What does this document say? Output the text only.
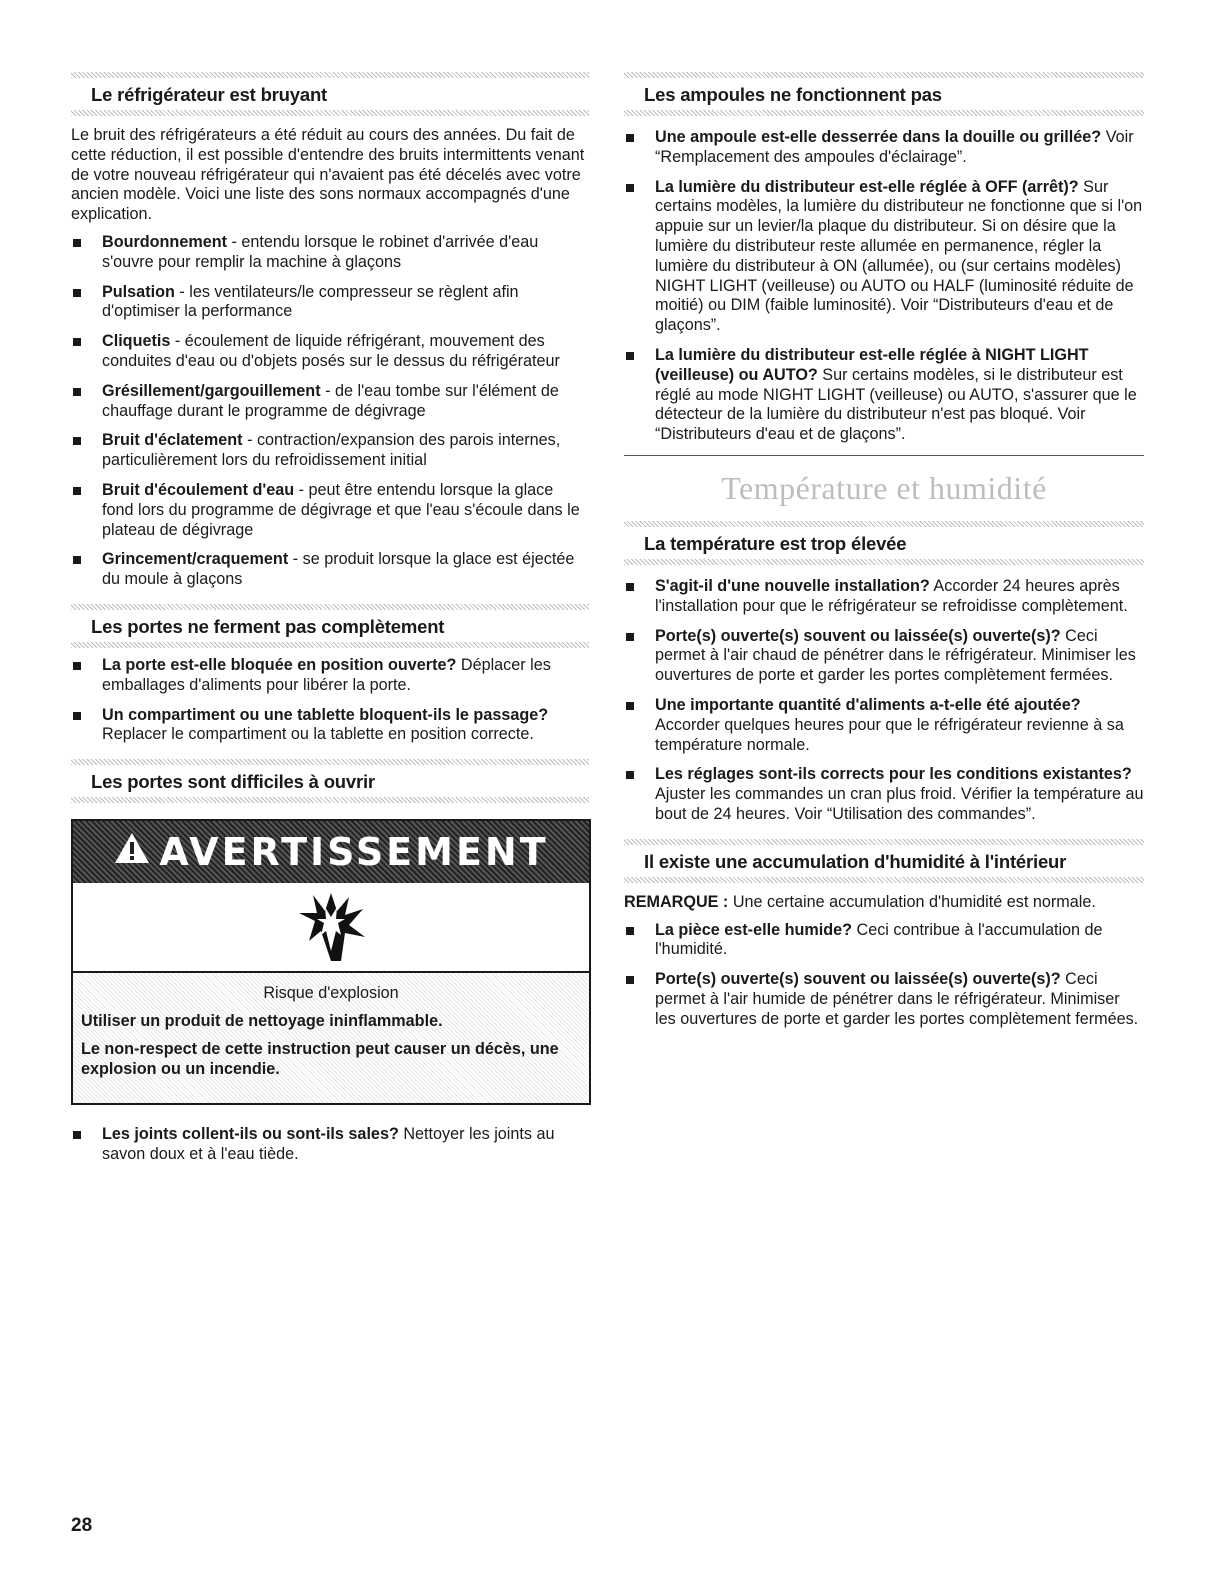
Le réfrigérateur est bruyant

Le bruit des réfrigérateurs a été réduit au cours des années. Du fait de cette réduction, il est possible d'entendre des bruits intermittents venant de votre nouveau réfrigérateur qui n'avaient pas été décelés avec votre ancien modèle. Voici une liste des sons normaux accompagnés d'une explication.

Bourdonnement - entendu lorsque le robinet d'arrivée d'eau s'ouvre pour remplir la machine à glaçons
Pulsation - les ventilateurs/le compresseur se règlent afin d'optimiser la performance
Cliquetis - écoulement de liquide réfrigérant, mouvement des conduites d'eau ou d'objets posés sur le dessus du réfrigérateur
Grésillement/gargouillement - de l'eau tombe sur l'élément de chauffage durant le programme de dégivrage
Bruit d'éclatement - contraction/expansion des parois internes, particulièrement lors du refroidissement initial
Bruit d'écoulement d'eau - peut être entendu lorsque la glace fond lors du programme de dégivrage et que l'eau s'écoule dans le plateau de dégivrage
Grincement/craquement - se produit lorsque la glace est éjectée du moule à glaçons
Les portes ne ferment pas complètement
La porte est-elle bloquée en position ouverte? Déplacer les emballages d'aliments pour libérer la porte.
Un compartiment ou une tablette bloquent-ils le passage? Replacer le compartiment ou la tablette en position correcte.
Les portes sont difficiles à ouvrir
AVERTISSEMENT
Risque d'explosion
Utiliser un produit de nettoyage ininflammable.
Le non-respect de cette instruction peut causer un décès, une explosion ou un incendie.
Les joints collent-ils ou sont-ils sales? Nettoyer les joints au savon doux et à l'eau tiède.
Les ampoules ne fonctionnent pas
Une ampoule est-elle desserrée dans la douille ou grillée? Voir “Remplacement des ampoules d'éclairage”.
La lumière du distributeur est-elle réglée à OFF (arrêt)? Sur certains modèles, la lumière du distributeur ne fonctionne que si l'on appuie sur un levier/la plaque du distributeur. Si on désire que la lumière du distributeur reste allumée en permanence, régler la lumière du distributeur à ON (allumée), ou (sur certains modèles) NIGHT LIGHT (veilleuse) ou AUTO ou HALF (luminosité réduite de moitié) ou DIM (faible luminosité). Voir “Distributeurs d'eau et de glaçons”.
La lumière du distributeur est-elle réglée à NIGHT LIGHT (veilleuse) ou AUTO? Sur certains modèles, si le distributeur est réglé au mode NIGHT LIGHT (veilleuse) ou AUTO, s'assurer que le détecteur de la lumière du distributeur n'est pas bloqué. Voir “Distributeurs d'eau et de glaçons”.
Température et humidité
La température est trop élevée
S'agit-il d'une nouvelle installation? Accorder 24 heures après l'installation pour que le réfrigérateur se refroidisse complètement.
Porte(s) ouverte(s) souvent ou laissée(s) ouverte(s)? Ceci permet à l'air chaud de pénétrer dans le réfrigérateur. Minimiser les ouvertures de porte et garder les portes complètement fermées.
Une importante quantité d'aliments a-t-elle été ajoutée? Accorder quelques heures pour que le réfrigérateur revienne à sa température normale.
Les réglages sont-ils corrects pour les conditions existantes? Ajuster les commandes un cran plus froid. Vérifier la température au bout de 24 heures. Voir “Utilisation des commandes”.
Il existe une accumulation d'humidité à l'intérieur

REMARQUE : Une certaine accumulation d'humidité est normale.

La pièce est-elle humide? Ceci contribue à l'accumulation de l'humidité.
Porte(s) ouverte(s) souvent ou laissée(s) ouverte(s)? Ceci permet à l'air humide de pénétrer dans le réfrigérateur. Minimiser les ouvertures de porte et garder les portes complètement fermées.
28
